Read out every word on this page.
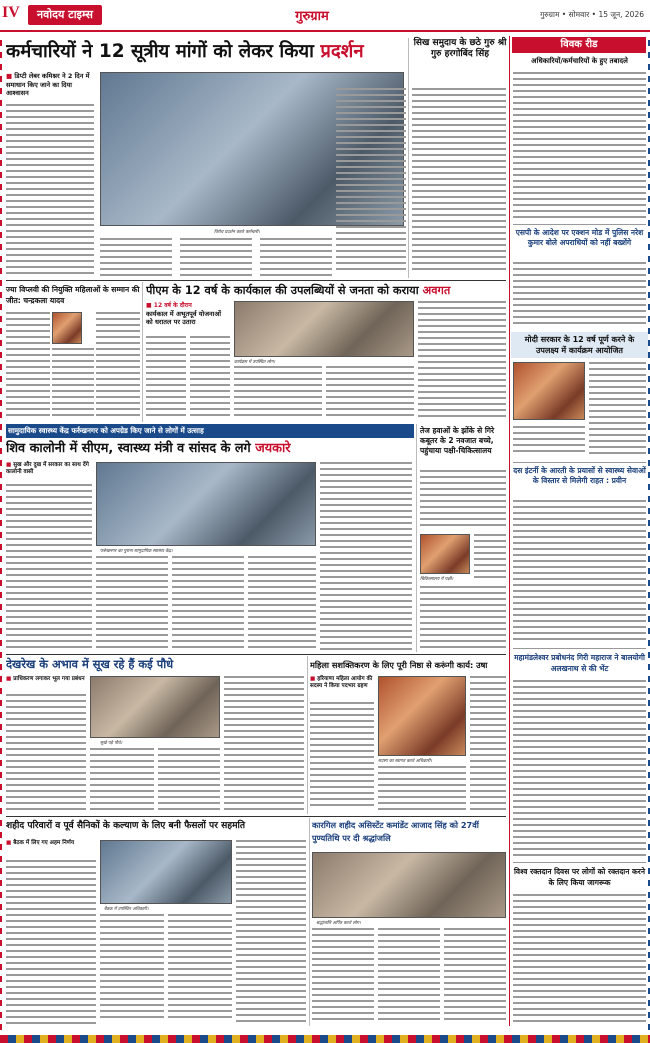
IV	नवोदय टाइम्स	गुरुग्राम	गुरुग्राम • सोमवार • 15 जून, 2026
कर्मचारियों ने 12 सूत्रीय मांगों को लेकर किया प्रदर्शन
■ डिप्टी लेबर कमिश्नर ने 2 दिन में समाधान किए जाने का दिया आश्वासन
विरोध प्रदर्शन करते कर्मचारी।
सिख समुदाय के छठे गुरु श्री गुरु हरगोबिंद सिंह
विवक रीड
अधिकारियों/कर्मचारियों के हुए तबादले
एसपी के आदेश पर एक्शन मोड में पुलिस नरेश कुमार बोले अपराधियों को नहीं बख्शेंगे
मोदी सरकार के 12 वर्ष पूर्ण करने के उपलक्ष्य में कार्यक्रम आयोजित
दस इंटर्नी के आरती के प्रयासों से स्वास्थ्य सेवाओं के विस्तार से मिलेगी राहत : प्रवीन
महामंडलेश्वर प्रबोधनंद गिरी महाराज ने बालयोगी अलखनाथ से की भेंट
विश्व रक्तदान दिवस पर लोगों को रक्तदान करने के लिए किया जागरूक
ज्या विप्लवी की नियुक्ति महिलाओं के सम्मान की जीत: चन्द्रकला यादव
पीएम के 12 वर्ष के कार्यकाल की उपलब्धियों से जनता को कराया अवगत
■ 12 वर्ष के दौरान
कार्यकाल में अभूतपूर्व योजनाओं को धरातल पर उतारा
कार्यक्रम में उपस्थित लोग।
सामुदायिक स्वास्थ्य केंद्र फर्रुखनगर को अपग्रेड किए जाने से लोगों में उत्साह
शिव कालोनी में सीएम, स्वास्थ्य मंत्री व सांसद के लगे जयकारे
■ सुख और दुख में सरकार का साथ देंगे कालोनी वासी
फर्रुखनगर का पुराना सामुदायिक स्वास्थ्य केंद्र।
तेज हवाओं के झोंके से गिरे कबूतर के 2 नवजात बच्चे, पहुंचाया पक्षी-चिकित्सालय
चिकित्सालय में पक्षी।
देखरेख के अभाव में सूख रहे हैं कई पौधे
■ प्राधिकरण लगाकर भूल गया प्रबंधन
सूखे पड़े पौधे।
महिला सशक्तिकरण के लिए पूरी निष्ठा से करूंगी कार्य: उषा
■ हरियाणा महिला आयोग की सदस्य ने किया पदभार ग्रहण
सदस्य का स्वागत करते अधिकारी।
शहीद परिवारों व पूर्व सैनिकों के कल्याण के लिए बनी फैसलों पर सहमति
■ बैठक में लिए गए अहम निर्णय
बैठक में उपस्थित अधिकारी।
कारगिल शहीद असिस्टेंट कमांडेंट आजाद सिंह को 27वीं पुण्यतिथि पर दी श्रद्धांजलि
श्रद्धांजलि अर्पित करते लोग।
